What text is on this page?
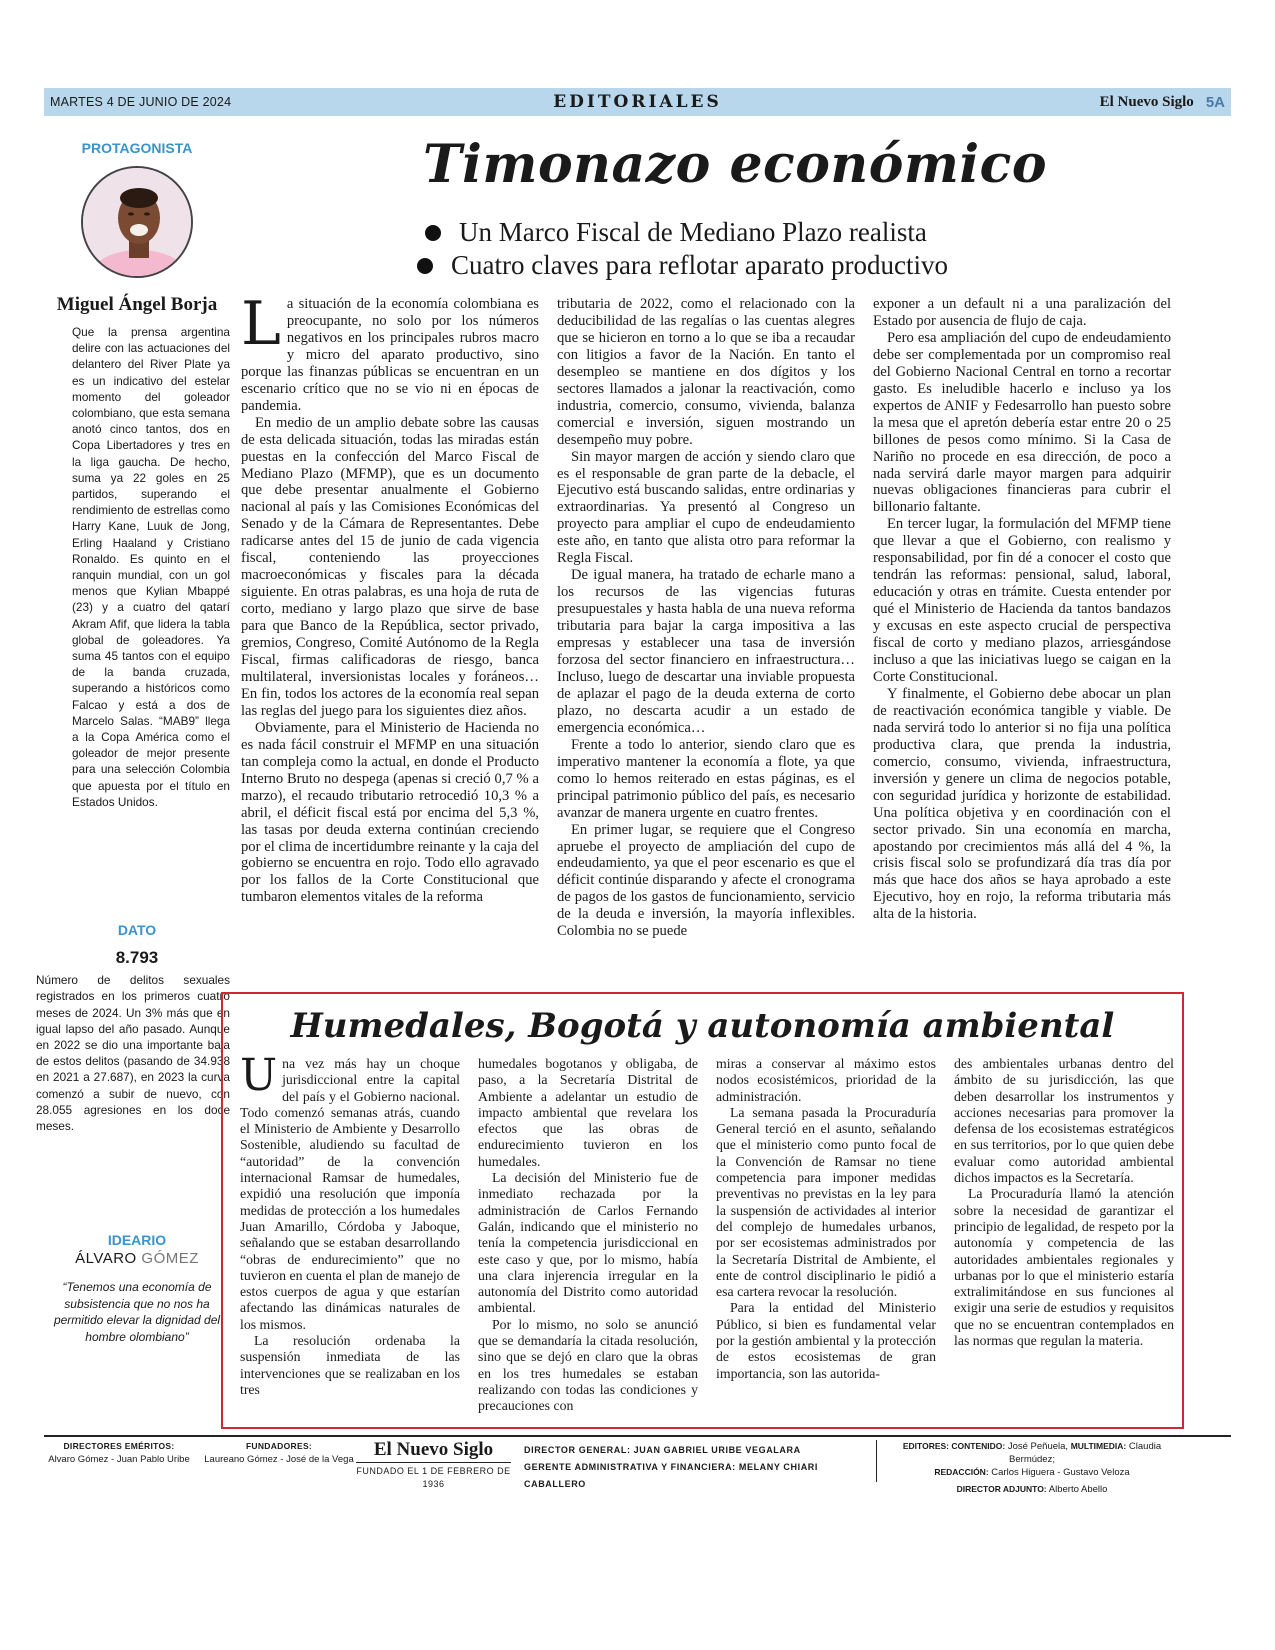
MARTES 4 DE JUNIO DE 2024	EDITORIALES	El Nuevo Siglo 5A
PROTAGONISTA
Miguel Ángel Borja
Que la prensa argentina delire con las actuaciones del delantero del River Plate ya es un indicativo del estelar momento del goleador colombiano, que esta semana anotó cinco tantos, dos en Copa Libertadores y tres en la liga gaucha. De hecho, suma ya 22 goles en 25 partidos, superando el rendimiento de estrellas como Harry Kane, Luuk de Jong, Erling Haaland y Cristiano Ronaldo. Es quinto en el ranquin mundial, con un gol menos que Kylian Mbappé (23) y a cuatro del qatarí Akram Afif, que lidera la tabla global de goleadores. Ya suma 45 tantos con el equipo de la banda cruzada, superando a históricos como Falcao y está a dos de Marcelo Salas. “MAB9” llega a la Copa América como el goleador de mejor presente para una selección Colombia que apuesta por el título en Estados Unidos.
DATO
8.793
Número de delitos sexuales registrados en los primeros cuatro meses de 2024. Un 3% más que en igual lapso del año pasado. Aunque en 2022 se dio una importante baja de estos delitos (pasando de 34.938 en 2021 a 27.687), en 2023 la curva comenzó a subir de nuevo, con 28.055 agresiones en los doce meses.
IDEARIO
ÁLVARO GÓMEZ
“Tenemos una economía de subsistencia que no nos ha permitido elevar la dignidad del hombre olombiano”
Timonazo económico
Un Marco Fiscal de Mediano Plazo realista
Cuatro claves para reflotar aparato productivo

La situación de la economía colombiana es preocupante, no solo por los números negativos en los principales rubros macro y micro del aparato productivo, sino porque las finanzas públicas se encuentran en un escenario crítico que no se vio ni en épocas de pandemia.

En medio de un amplio debate sobre las causas de esta delicada situación, todas las miradas están puestas en la confección del Marco Fiscal de Mediano Plazo (MFMP), que es un documento que debe presentar anualmente el Gobierno nacional al país y las Comisiones Económicas del Senado y de la Cámara de Representantes. Debe radicarse antes del 15 de junio de cada vigencia fiscal, conteniendo las proyecciones macroeconómicas y fiscales para la década siguiente. En otras palabras, es una hoja de ruta de corto, mediano y largo plazo que sirve de base para que Banco de la República, sector privado, gremios, Congreso, Comité Autónomo de la Regla Fiscal, firmas calificadoras de riesgo, banca multilateral, inversionistas locales y foráneos… En fin, todos los actores de la economía real sepan las reglas del juego para los siguientes diez años.

Obviamente, para el Ministerio de Hacienda no es nada fácil construir el MFMP en una situación tan compleja como la actual, en donde el Producto Interno Bruto no despega (apenas si creció 0,7 % a marzo), el recaudo tributario retrocedió 10,3 % a abril, el déficit fiscal está por encima del 5,3 %, las tasas por deuda externa continúan creciendo por el clima de incertidumbre reinante y la caja del gobierno se encuentra en rojo. Todo ello agravado por los fallos de la Corte Constitucional que tumbaron elementos vitales de la reforma

tributaria de 2022, como el relacionado con la deducibilidad de las regalías o las cuentas alegres que se hicieron en torno a lo que se iba a recaudar con litigios a favor de la Nación. En tanto el desempleo se mantiene en dos dígitos y los sectores llamados a jalonar la reactivación, como industria, comercio, consumo, vivienda, balanza comercial e inversión, siguen mostrando un desempeño muy pobre.

Sin mayor margen de acción y siendo claro que es el responsable de gran parte de la debacle, el Ejecutivo está buscando salidas, entre ordinarias y extraordinarias. Ya presentó al Congreso un proyecto para ampliar el cupo de endeudamiento este año, en tanto que alista otro para reformar la Regla Fiscal.

De igual manera, ha tratado de echarle mano a los recursos de las vigencias futuras presupuestales y hasta habla de una nueva reforma tributaria para bajar la carga impositiva a las empresas y establecer una tasa de inversión forzosa del sector financiero en infraestructura… Incluso, luego de descartar una inviable propuesta de aplazar el pago de la deuda externa de corto plazo, no descarta acudir a un estado de emergencia económica…

Frente a todo lo anterior, siendo claro que es imperativo mantener la economía a flote, ya que como lo hemos reiterado en estas páginas, es el principal patrimonio público del país, es necesario avanzar de manera urgente en cuatro frentes.

En primer lugar, se requiere que el Congreso apruebe el proyecto de ampliación del cupo de endeudamiento, ya que el peor escenario es que el déficit continúe disparando y afecte el cronograma de pagos de los gastos de funcionamiento, servicio de la deuda e inversión, la mayoría inflexibles. Colombia no se puede

exponer a un default ni a una paralización del Estado por ausencia de flujo de caja.

Pero esa ampliación del cupo de endeudamiento debe ser complementada por un compromiso real del Gobierno Nacional Central en torno a recortar gasto. Es ineludible hacerlo e incluso ya los expertos de ANIF y Fedesarrollo han puesto sobre la mesa que el apretón debería estar entre 20 o 25 billones de pesos como mínimo. Si la Casa de Nariño no procede en esa dirección, de poco a nada servirá darle mayor margen para adquirir nuevas obligaciones financieras para cubrir el billonario faltante.

En tercer lugar, la formulación del MFMP tiene que llevar a que el Gobierno, con realismo y responsabilidad, por fin dé a conocer el costo que tendrán las reformas: pensional, salud, laboral, educación y otras en trámite. Cuesta entender por qué el Ministerio de Hacienda da tantos bandazos y excusas en este aspecto crucial de perspectiva fiscal de corto y mediano plazos, arriesgándose incluso a que las iniciativas luego se caigan en la Corte Constitucional.

Y finalmente, el Gobierno debe abocar un plan de reactivación económica tangible y viable. De nada servirá todo lo anterior si no fija una política productiva clara, que prenda la industria, comercio, consumo, vivienda, infraestructura, inversión y genere un clima de negocios potable, con seguridad jurídica y horizonte de estabilidad. Una política objetiva y en coordinación con el sector privado. Sin una economía en marcha, apostando por crecimientos más allá del 4 %, la crisis fiscal solo se profundizará día tras día por más que hace dos años se haya aprobado a este Ejecutivo, hoy en rojo, la reforma tributaria más alta de la historia.

Humedales, Bogotá y autonomía ambiental

Una vez más hay un choque jurisdiccional entre la capital del país y el Gobierno nacional. Todo comenzó semanas atrás, cuando el Ministerio de Ambiente y Desarrollo Sostenible, aludiendo su facultad de “autoridad” de la convención internacional Ramsar de humedales, expidió una resolución que imponía medidas de protección a los humedales Juan Amarillo, Córdoba y Jaboque, señalando que se estaban desarrollando “obras de endurecimiento” que no tuvieron en cuenta el plan de manejo de estos cuerpos de agua y que estarían afectando las dinámicas naturales de los mismos.

La resolución ordenaba la suspensión inmediata de las intervenciones que se realizaban en los tres

humedales bogotanos y obligaba, de paso, a la Secretaría Distrital de Ambiente a adelantar un estudio de impacto ambiental que revelara los efectos que las obras de endurecimiento tuvieron en los humedales.

La decisión del Ministerio fue de inmediato rechazada por la administración de Carlos Fernando Galán, indicando que el ministerio no tenía la competencia jurisdiccional en este caso y que, por lo mismo, había una clara injerencia irregular en la autonomía del Distrito como autoridad ambiental.

Por lo mismo, no solo se anunció que se demandaría la citada resolución, sino que se dejó en claro que la obras en los tres humedales se estaban realizando con todas las condiciones y precauciones con

miras a conservar al máximo estos nodos ecosistémicos, prioridad de la administración.

La semana pasada la Procuraduría General terció en el asunto, señalando que el ministerio como punto focal de la Convención de Ramsar no tiene competencia para imponer medidas preventivas no previstas en la ley para la suspensión de actividades al interior del complejo de humedales urbanos, por ser ecosistemas administrados por la Secretaría Distrital de Ambiente, el ente de control disciplinario le pidió a esa cartera revocar la resolución.

Para la entidad del Ministerio Público, si bien es fundamental velar por la gestión ambiental y la protección de estos ecosistemas de gran importancia, son las autorida-

des ambientales urbanas dentro del ámbito de su jurisdicción, las que deben desarrollar los instrumentos y acciones necesarias para promover la defensa de los ecosistemas estratégicos en sus territorios, por lo que quien debe evaluar como autoridad ambiental dichos impactos es la Secretaría.

La Procuraduría llamó la atención sobre la necesidad de garantizar el principio de legalidad, de respeto por la autonomía y competencia de las autoridades ambientales regionales y urbanas por lo que el ministerio estaría extralimitándose en sus funciones al exigir una serie de estudios y requisitos que no se encuentran contemplados en las normas que regulan la materia.

DIRECTORES EMÉRITOS:
Alvaro Gómez - Juan Pablo Uribe
FUNDADORES:
Laureano Gómez - José de la Vega	El Nuevo Siglo
FUNDADO EL 1 DE FEBRERO DE 1936
DIRECTOR GENERAL: JUAN GABRIEL URIBE VEGALARA
GERENTE ADMINISTRATIVA Y FINANCIERA: MELANY CHIARI CABALLERO
EDITORES: CONTENIDO: José Peñuela, MULTIMEDIA: Claudia Bermúdez;
REDACCIÓN: Carlos Higuera - Gustavo Veloza
DIRECTOR ADJUNTO: Alberto Abello
